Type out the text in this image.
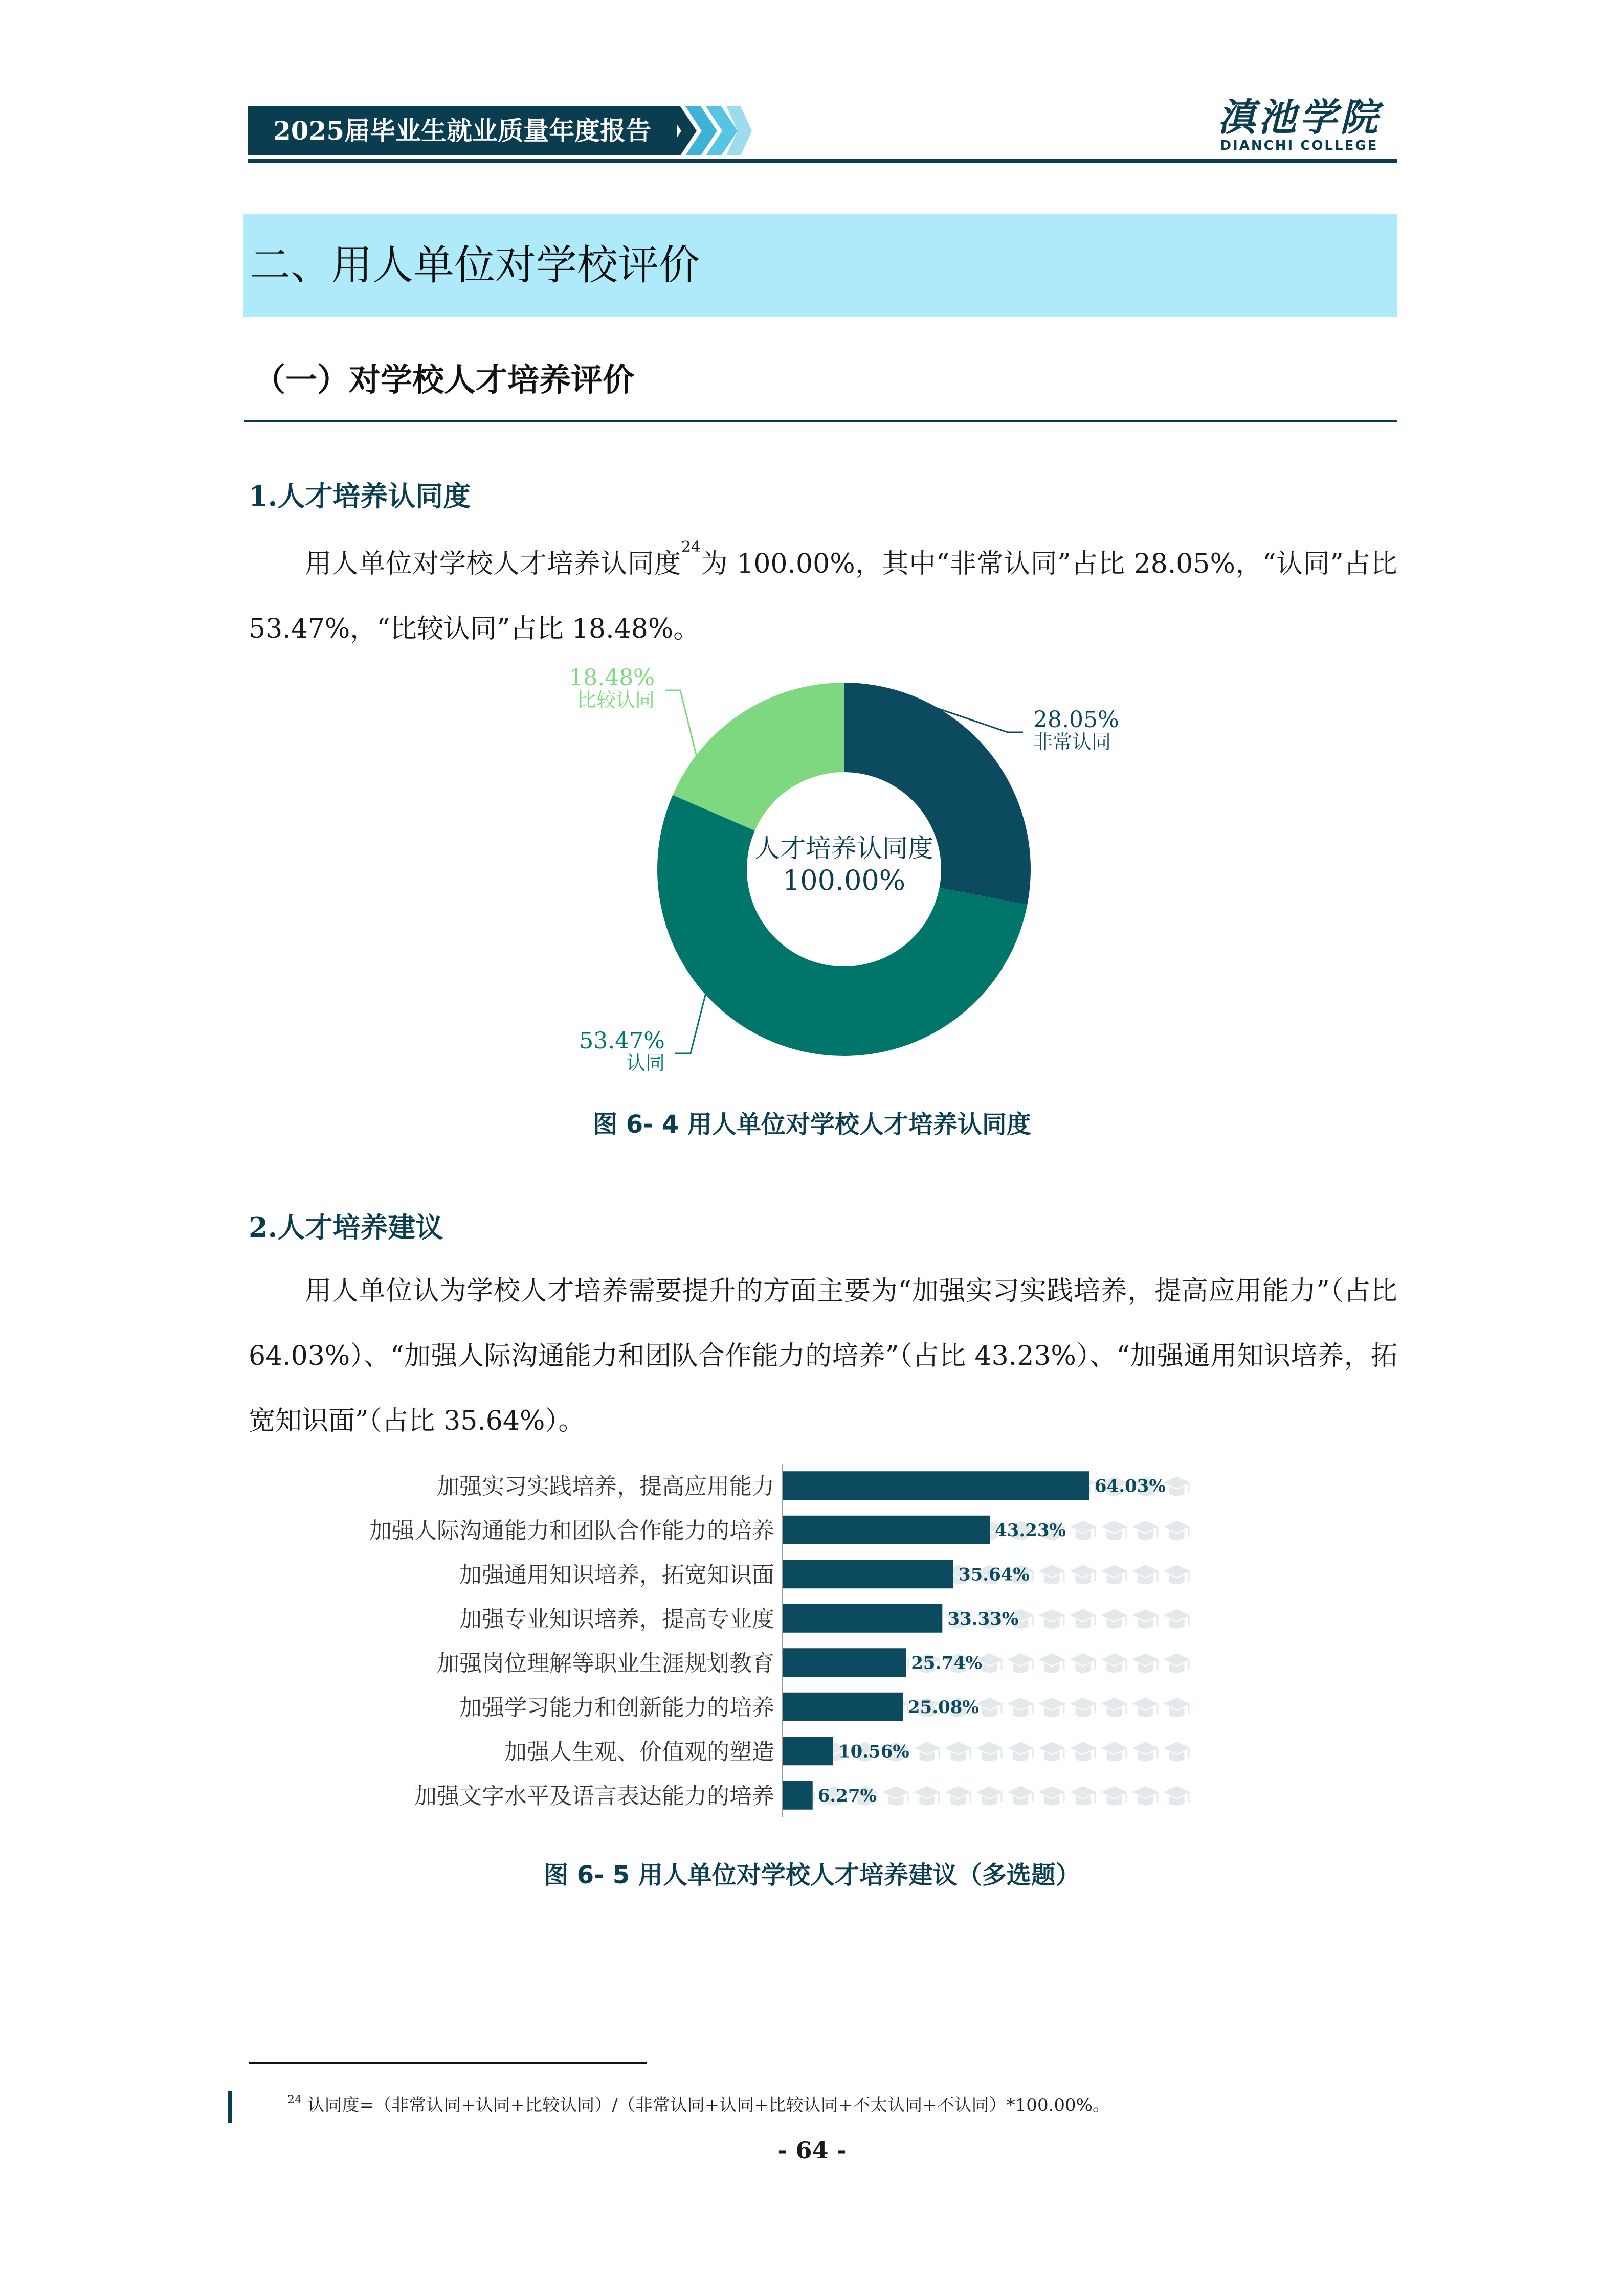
2025届毕业生就业质量年度报告	滇池学院
DIANCHI COLLEGE
二、用人单位对学校评价
（一）对学校人才培养评价
1.人才培养认同度
用人单位对学校人才培养认同度$^{24}$为 100.00%，其中“非常认同”占比 28.05%，“认同”占比 53.47%，“比较认同”占比 18.48%。
人才培养认同度
100.00%
28.05%
非常认同
53.47%
认同
18.48%
比较认同
图 6- 4 用人单位对学校人才培养认同度
2.人才培养建议
用人单位认为学校人才培养需要提升的方面主要为“加强实习实践培养，提高应用能力”（占比 64.03%）、“加强人际沟通能力和团队合作能力的培养”（占比 43.23%）、“加强通用知识培养，拓宽知识面”（占比 35.64%）。
64.03%
加强实习实践培养，提高应用能力
43.23%
加强人际沟通能力和团队合作能力的培养
35.64%
加强通用知识培养，拓宽知识面
33.33%
加强专业知识培养，提高专业度
25.74%
加强岗位理解等职业生涯规划教育
25.08%
加强学习能力和创新能力的培养
10.56%
加强人生观、价值观的塑造
6.27%
加强文字水平及语言表达能力的培养
图 6- 5 用人单位对学校人才培养建议（多选题）
$^{24}$ 认同度=（非常认同+认同+比较认同）/（非常认同+认同+比较认同+不太认同+不认同）*100.00%。
- 64 -
